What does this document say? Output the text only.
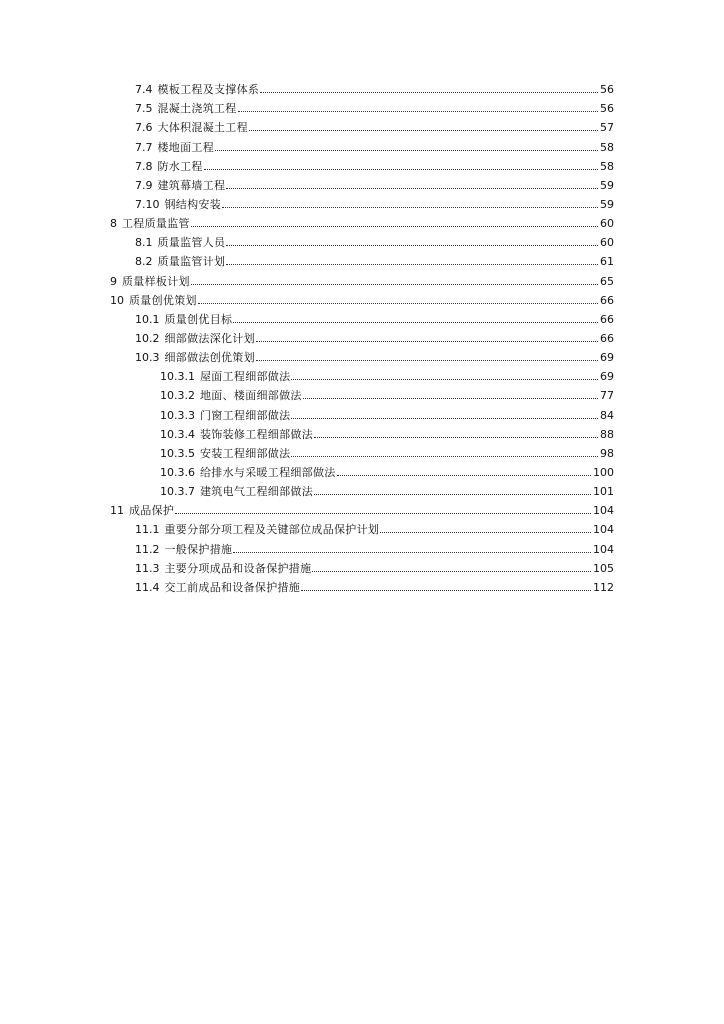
7.4 模板工程及支撑体系	56
7.5 混凝土浇筑工程	56
7.6 大体积混凝土工程	57
7.7 楼地面工程	58
7.8 防水工程	58
7.9 建筑幕墙工程	59
7.10 钢结构安装	59
8 工程质量监管	60
8.1 质量监管人员	60
8.2 质量监管计划	61
9 质量样板计划	65
10 质量创优策划	66
10.1 质量创优目标	66
10.2 细部做法深化计划	66
10.3 细部做法创优策划	69
10.3.1 屋面工程细部做法	69
10.3.2 地面、楼面细部做法	77
10.3.3 门窗工程细部做法	84
10.3.4 装饰装修工程细部做法	88
10.3.5 安装工程细部做法	98
10.3.6 给排水与采暖工程细部做法	100
10.3.7 建筑电气工程细部做法	101
11 成品保护	104
11.1 重要分部分项工程及关键部位成品保护计划	104
11.2 一般保护措施	104
11.3 主要分项成品和设备保护措施	105
11.4 交工前成品和设备保护措施	112
